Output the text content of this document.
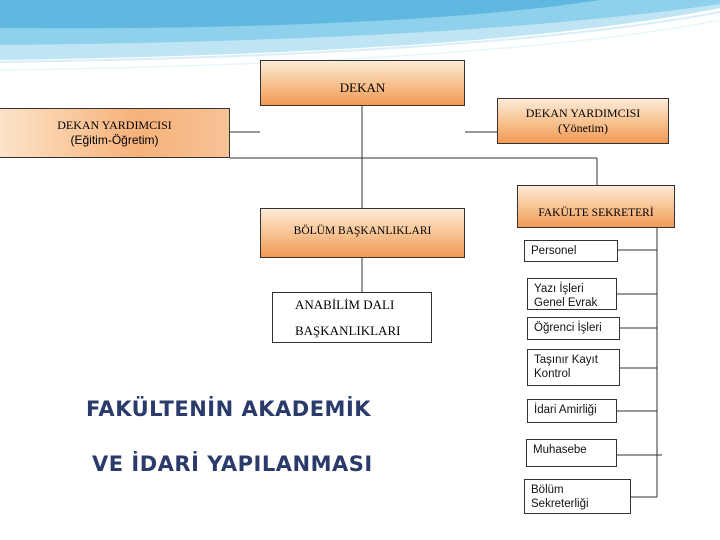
DEKAN
DEKAN YARDIMCISI
(Eğitim-Öğretim)
DEKAN YARDIMCISI
(Yönetim)
FAKÜLTE SEKRETERİ
BÖLÜM BAŞKANLIKLARI
ANABİLİM DALI
BAŞKANLIKLARI
Personel
Yazı İşleri
Genel Evrak
Öğrenci İşleri
Taşınır Kayıt
Kontrol
İdari Amirliği
Muhasebe
Bölüm
Sekreterliği
FAKÜLTENİN AKADEMİK
VE İDARİ YAPILANMASI
